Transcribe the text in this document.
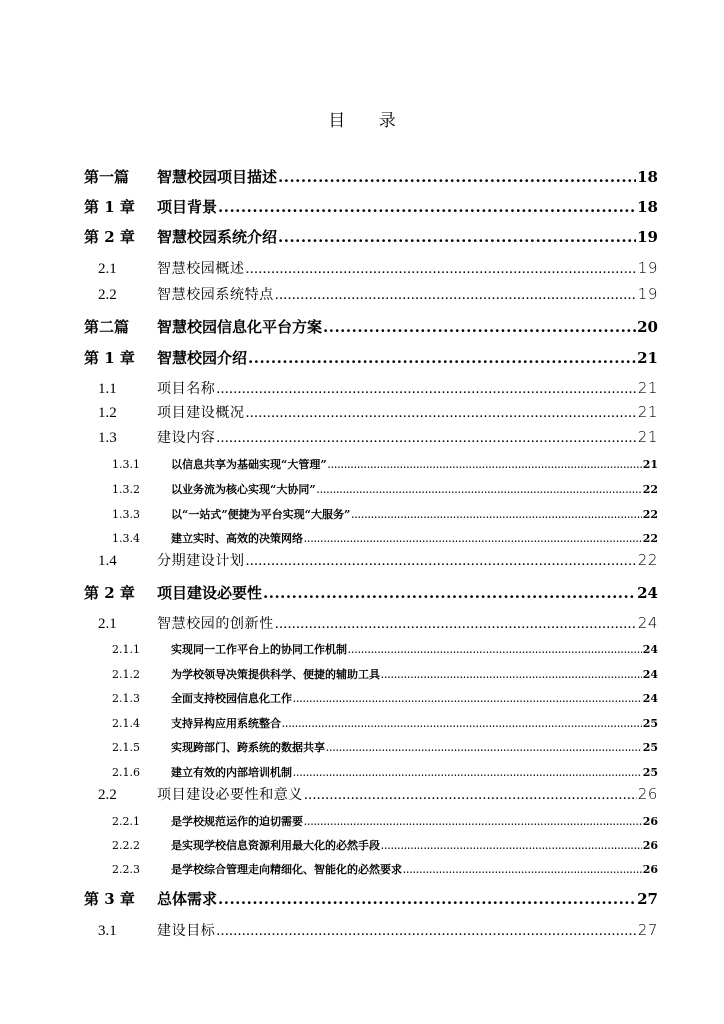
目 录
第一篇	智慧校园项目描述 .....	18
第 1 章	项目背景 .....	18
第 2 章	智慧校园系统介绍 .....	19
2.1	智慧校园概述 .....	19
2.2	智慧校园系统特点 .....	19
第二篇	智慧校园信息化平台方案 .....	20
第 1 章	智慧校园介绍 .....	21
1.1	项目名称 .....	21
1.2	项目建设概况 .....	21
1.3	建设内容 .....	21
1.3.1	以信息共享为基础实现“大管理” .....	21
1.3.2	以业务流为核心实现“大协同” .....	22
1.3.3	以“一站式”便捷为平台实现“大服务” .....	22
1.3.4	建立实时、高效的决策网络 .....	22
1.4	分期建设计划 .....	22
第 2 章	项目建设必要性 .....	24
2.1	智慧校园的创新性 .....	24
2.1.1	实现同一工作平台上的协同工作机制 .....	24
2.1.2	为学校领导决策提供科学、便捷的辅助工具 .....	24
2.1.3	全面支持校园信息化工作 .....	24
2.1.4	支持异构应用系统整合 .....	25
2.1.5	实现跨部门、跨系统的数据共享 .....	25
2.1.6	建立有效的内部培训机制 .....	25
2.2	项目建设必要性和意义 .....	26
2.2.1	是学校规范运作的迫切需要 .....	26
2.2.2	是实现学校信息资源利用最大化的必然手段 .....	26
2.2.3	是学校综合管理走向精细化、智能化的必然要求 .....	26
第 3 章	总体需求 .....	27
3.1	建设目标 .....	27
